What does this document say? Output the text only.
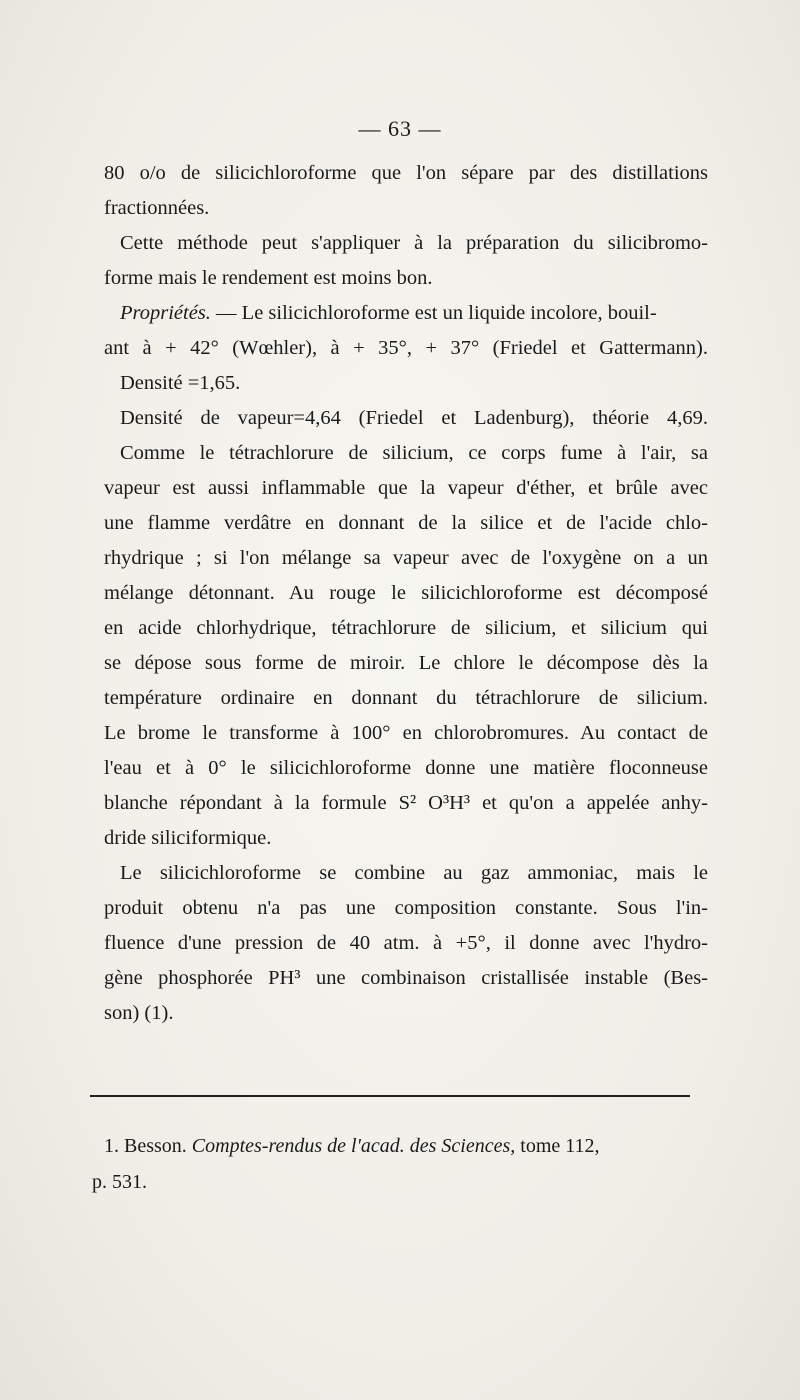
— 63 —
80 o/o de silicichloroforme que l'on sépare par des distillations
fractionnées.
Cette méthode peut s'appliquer à la préparation du silicibromo-
forme mais le rendement est moins bon.
Propriétés. — Le silicichloroforme est un liquide incolore, bouil-
ant à + 42° (Wœhler), à + 35°, + 37° (Friedel et Gattermann).
Densité =1,65.
Densité de vapeur=4,64 (Friedel et Ladenburg), théorie 4,69.
Comme le tétrachlorure de silicium, ce corps fume à l'air, sa
vapeur est aussi inflammable que la vapeur d'éther, et brûle avec
une flamme verdâtre en donnant de la silice et de l'acide chlo-
rhydrique ; si l'on mélange sa vapeur avec de l'oxygène on a un
mélange détonnant. Au rouge le silicichloroforme est décomposé
en acide chlorhydrique, tétrachlorure de silicium, et silicium qui
se dépose sous forme de miroir. Le chlore le décompose dès la
température ordinaire en donnant du tétrachlorure de silicium.
Le brome le transforme à 100° en chlorobromures. Au contact de
l'eau et à 0° le silicichloroforme donne une matière floconneuse
blanche répondant à la formule S² O³H³ et qu'on a appelée anhy-
dride siliciformique.
Le silicichloroforme se combine au gaz ammoniac, mais le
produit obtenu n'a pas une composition constante. Sous l'in-
fluence d'une pression de 40 atm. à +5°, il donne avec l'hydro-
gène phosphorée PH³ une combinaison cristallisée instable (Bes-
son) (1).
1. Besson. Comptes-rendus de l'acad. des Sciences, tome 112,
p. 531.
